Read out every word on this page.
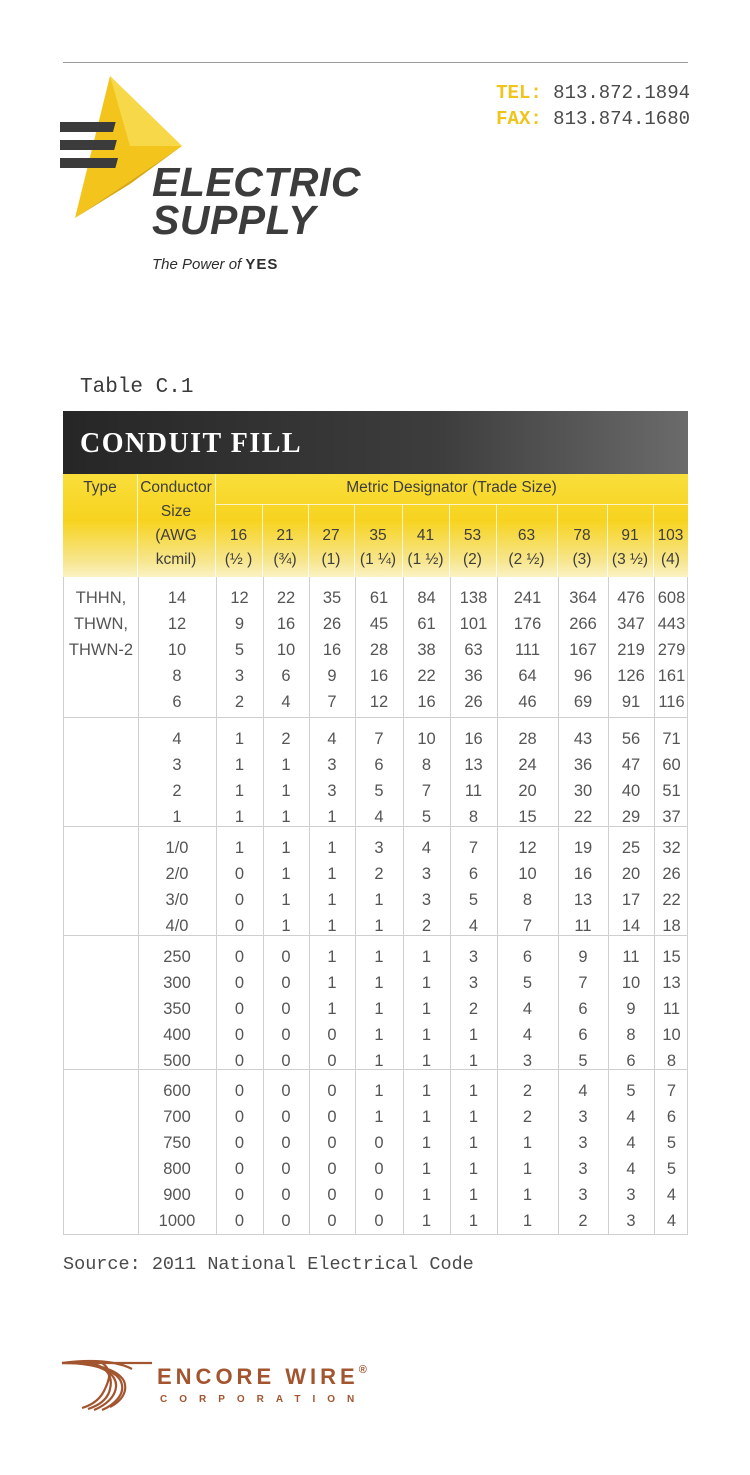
ELECTRIC
SUPPLY
The Power of YES
TEL: 813.872.1894
FAX: 813.874.1680
Table C.1
CONDUIT FILL
Type	Conductor
Size
(AWG
kcmil)
Metric Designator (Trade Size)
16
(½ )
21
(¾)
27
(1)
35
(1 ¼)
41
(1 ½)
53
(2)
63
(2 ½)
78
(3)
91
(3 ½)
103
(4)
THHN,
THWN,
THWN-2
14
12
10
8
6
12
9
5
3
2
22
16
10
6
4
35
26
16
9
7
61
45
28
16
12
84
61
38
22
16
138
101
63
36
26
241
176
111
64
46
364
266
167
96
69
476
347
219
126
91
608
443
279
161
116
4
3
2
1
1
1
1
1
2
1
1
1
4
3
3
1
7
6
5
4
10
8
7
5
16
13
11
8
28
24
20
15
43
36
30
22
56
47
40
29
71
60
51
37
1/0
2/0
3/0
4/0
1
0
0
0
1
1
1
1
1
1
1
1
3
2
1
1
4
3
3
2
7
6
5
4
12
10
8
7
19
16
13
11
25
20
17
14
32
26
22
18
250
300
350
400
500
0
0
0
0
0
0
0
0
0
0
1
1
1
0
0
1
1
1
1
1
1
1
1
1
1
3
3
2
1
1
6
5
4
4
3
9
7
6
6
5
11
10
9
8
6
15
13
11
10
8
600
700
750
800
900
1000
0
0
0
0
0
0
0
0
0
0
0
0
0
0
0
0
0
0
1
1
0
0
0
0
1
1
1
1
1
1
1
1
1
1
1
1
2
2
1
1
1
1
4
3
3
3
3
2
5
4
4
4
3
3
7
6
5
5
4
4
Source: 2011 National Electrical Code
ENCORE WIRE®
CORPORATION
